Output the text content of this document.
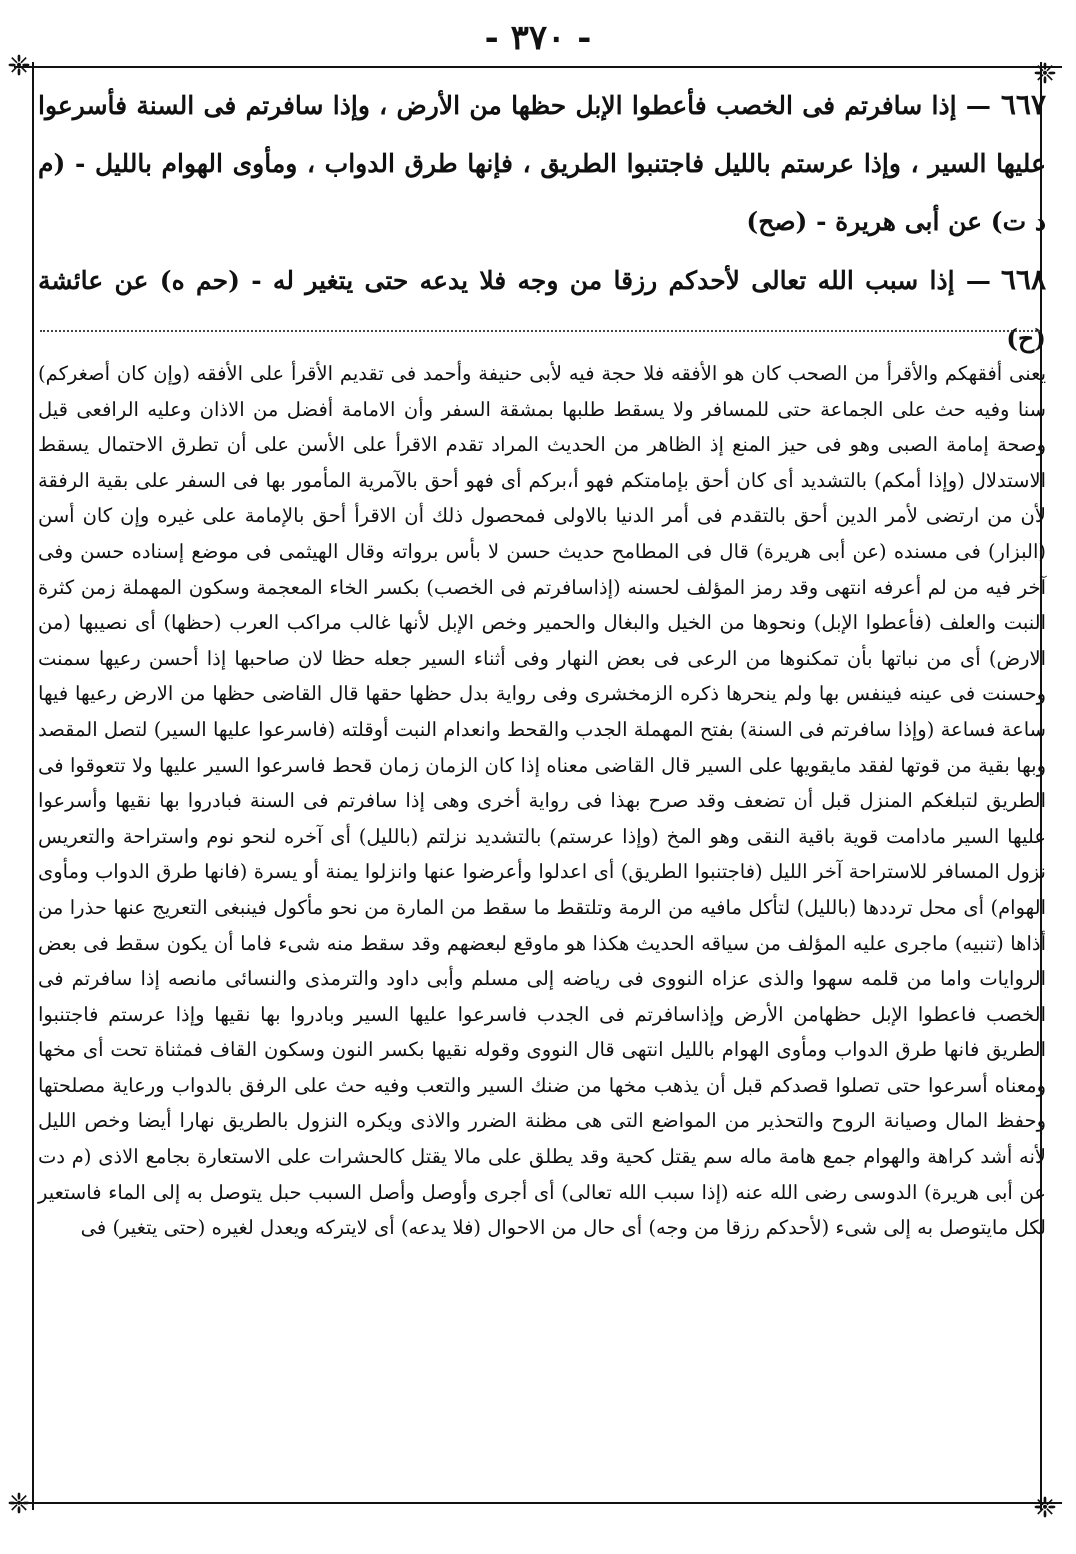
- ٣٧٠ -
❈	❈
❈	❈

٦٦٧— إذا سافرتم فى الخصب فأعطوا الإبل حظها من الأرض ، وإذا سافرتم فى السنة فأسرعوا عليها السير ، وإذا عرستم بالليل فاجتنبوا الطريق ، فإنها طرق الدواب ، ومأوى الهوام بالليل - (م د ت) عن أبى هريرة - (صح)

٦٦٨— إذا سبب الله تعالى لأحدكم رزقا من وجه فلا يدعه حتى يتغير له - (حم ه) عن عائشة (ح)

يعنى أفقهكم والأقرأ من الصحب كان هو الأفقه فلا حجة فيه لأبى حنيفة وأحمد فى تقديم الأقرأ على الأفقه (وإن كان أصغركم) سنا وفيه حث على الجماعة حتى للمسافر ولا يسقط طلبها بمشقة السفر وأن الامامة أفضل من الاذان وعليه الرافعى قيل وصحة إمامة الصبى وهو فى حيز المنع إذ الظاهر من الحديث المراد تقدم الاقرأ على الأسن على أن تطرق الاحتمال يسقط الاستدلال (وإذا أمكم) بالتشديد أى كان أحق بإمامتكم فهو أ،بركم أى فهو أحق بالآمرية المأمور بها فى السفر على بقية الرفقة لأن من ارتضى لأمر الدين أحق بالتقدم فى أمر الدنيا بالاولى فمحصول ذلك أن الاقرأ أحق بالإمامة على غيره وإن كان أسن (البزار) فى مسنده (عن أبى هريرة) قال فى المطامح حديث حسن لا بأس برواته وقال الهيثمى فى موضع إسناده حسن وفى آخر فيه من لم أعرفه انتهى وقد رمز المؤلف لحسنه (إذاسافرتم فى الخصب) بكسر الخاء المعجمة وسكون المهملة زمن كثرة النبت والعلف (فأعطوا الإبل) ونحوها من الخيل والبغال والحمير وخص الإبل لأنها غالب مراكب العرب (حظها) أى نصيبها (من الارض) أى من نباتها بأن تمكنوها من الرعى فى بعض النهار وفى أثناء السير جعله حظا لان صاحبها إذا أحسن رعيها سمنت وحسنت فى عينه فينفس بها ولم ينحرها ذكره الزمخشرى وفى رواية بدل حظها حقها قال القاضى حظها من الارض رعيها فيها ساعة فساعة (وإذا سافرتم فى السنة) بفتح المهملة الجدب والقحط وانعدام النبت أوقلته (فاسرعوا عليها السير) لتصل المقصد وبها بقية من قوتها لفقد مايقويها على السير قال القاضى معناه إذا كان الزمان زمان قحط فاسرعوا السير عليها ولا تتعوقوا فى الطريق لتبلغكم المنزل قبل أن تضعف وقد صرح بهذا فى رواية أخرى وهى إذا سافرتم فى السنة فبادروا بها نقيها وأسرعوا عليها السير مادامت قوية باقية النقى وهو المخ (وإذا عرستم) بالتشديد نزلتم (بالليل) أى آخره لنحو نوم واستراحة والتعريس نزول المسافر للاستراحة آخر الليل (فاجتنبوا الطريق) أى اعدلوا وأعرضوا عنها وانزلوا يمنة أو يسرة (فانها طرق الدواب ومأوى الهوام) أى محل ترددها (بالليل) لتأكل مافيه من الرمة وتلتقط ما سقط من المارة من نحو مأكول فينبغى التعريج عنها حذرا من أذاها (تنبيه) ماجرى عليه المؤلف من سياقه الحديث هكذا هو ماوقع لبعضهم وقد سقط منه شىء فاما أن يكون سقط فى بعض الروايات واما من قلمه سهوا والذى عزاه النووى فى رياضه إلى مسلم وأبى داود والترمذى والنسائى مانصه إذا سافرتم فى الخصب فاعطوا الإبل حظهامن الأرض وإذاسافرتم فى الجدب فاسرعوا عليها السير وبادروا بها نقيها وإذا عرستم فاجتنبوا الطريق فانها طرق الدواب ومأوى الهوام بالليل انتهى قال النووى وقوله نقيها بكسر النون وسكون القاف فمثناة تحت أى مخها ومعناه أسرعوا حتى تصلوا قصدكم قبل أن يذهب مخها من ضنك السير والتعب وفيه حث على الرفق بالدواب ورعاية مصلحتها وحفظ المال وصيانة الروح والتحذير من المواضع التى هى مظنة الضرر والاذى ويكره النزول بالطريق نهارا أيضا وخص الليل لأنه أشد كراهة والهوام جمع هامة ماله سم يقتل كحية وقد يطلق على مالا يقتل كالحشرات على الاستعارة بجامع الاذى (م دت عن أبى هريرة) الدوسى رضى الله عنه (إذا سبب الله تعالى) أى أجرى وأوصل وأصل السبب حبل يتوصل به إلى الماء فاستعير لكل مايتوصل به إلى شىء (لأحدكم رزقا من وجه) أى حال من الاحوال (فلا يدعه) أى لايتركه ويعدل لغيره (حتى يتغير) فى
